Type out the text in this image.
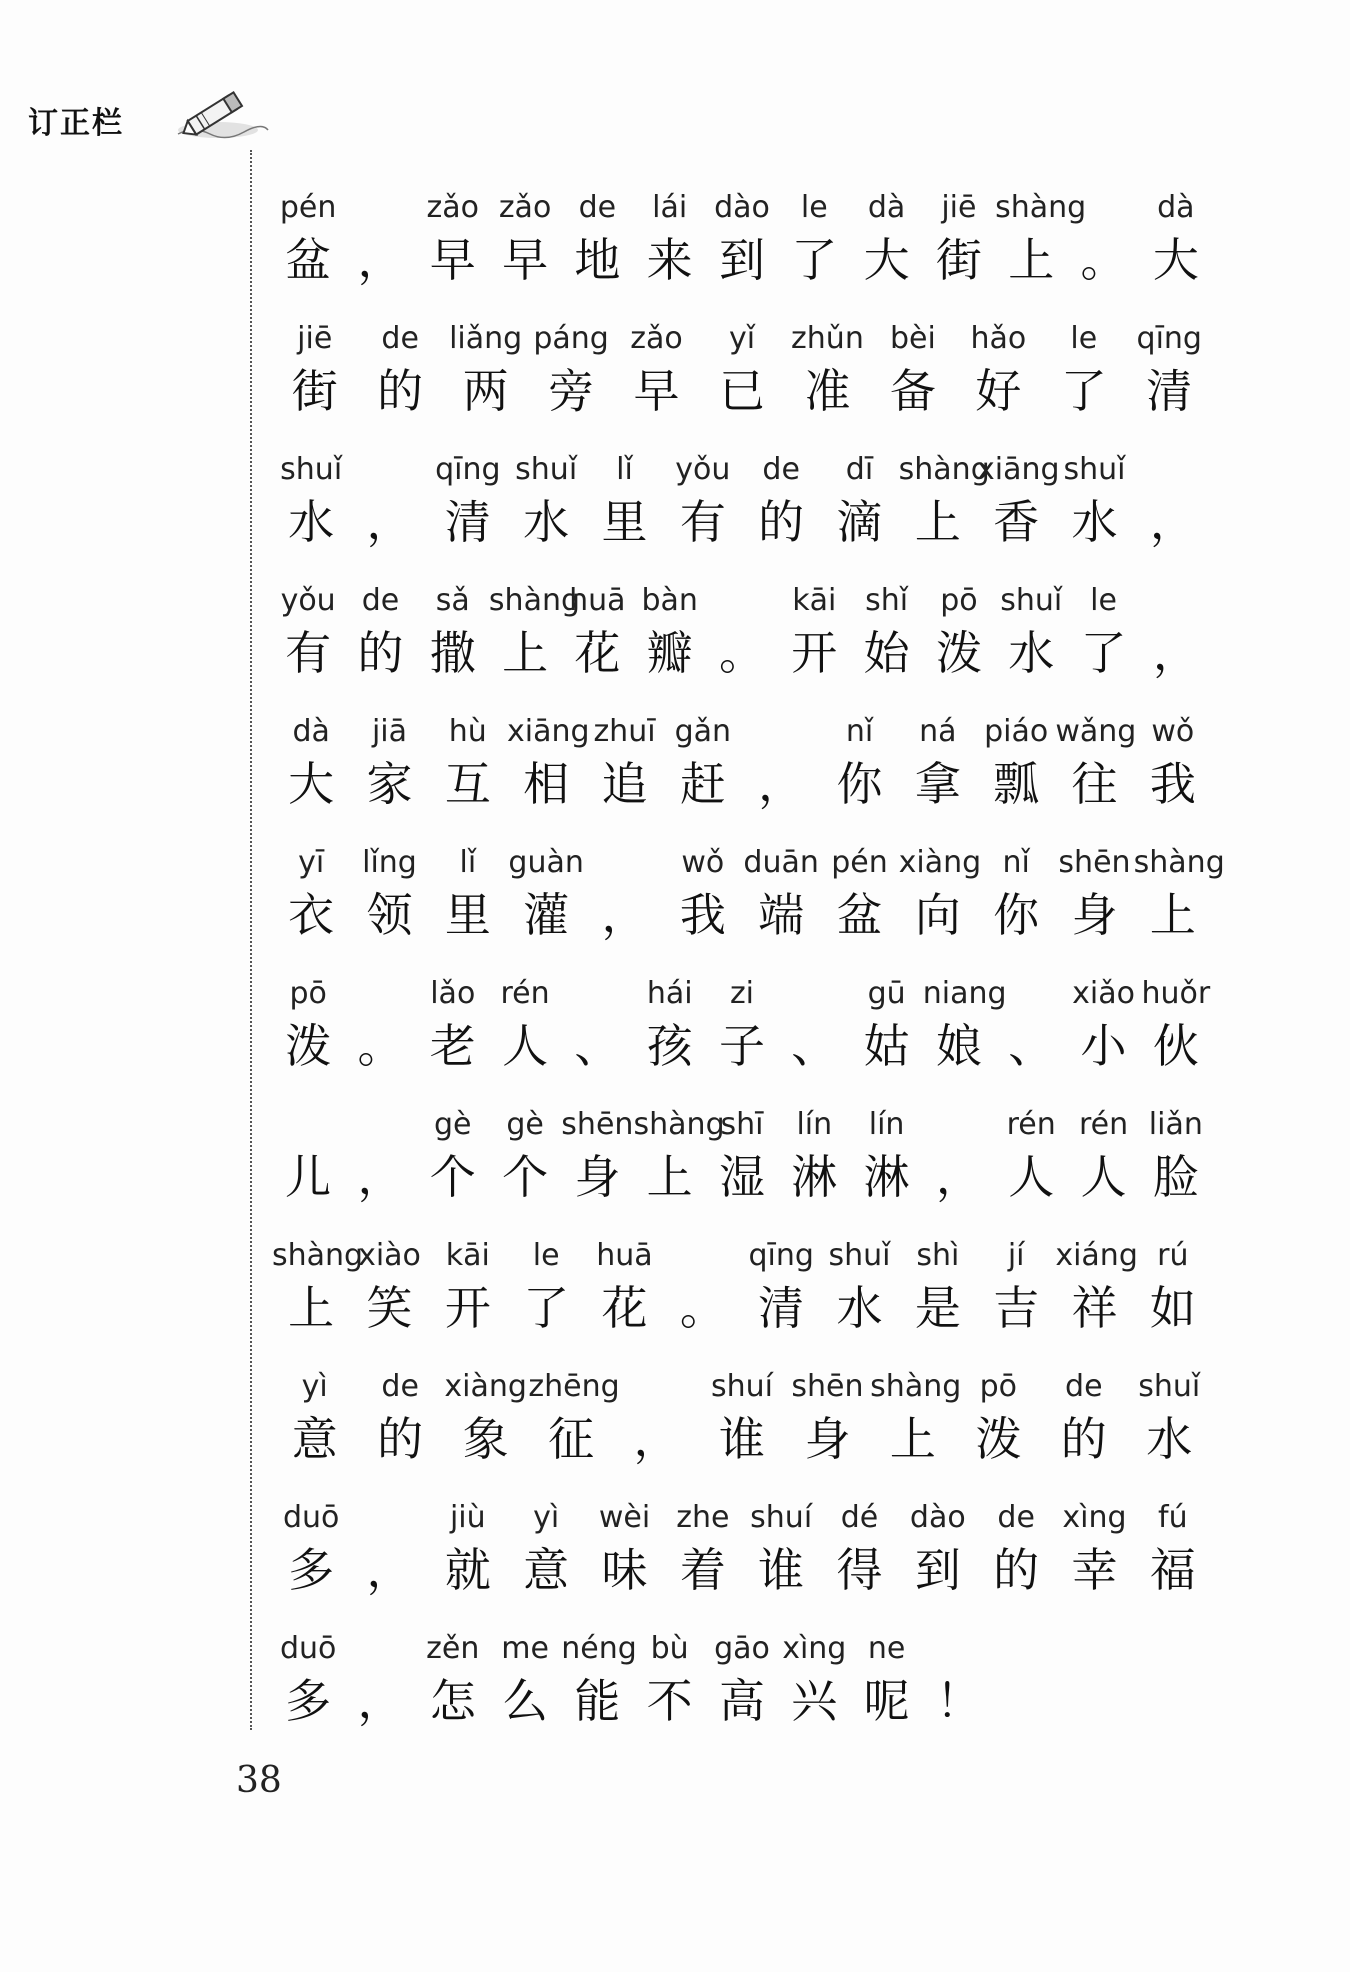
订正栏
pén
盆 ，
zǎo
早
zǎo
早
de
地
lái
来
dào
到
le
了
dà
大
jiē
街
shàng
上 。
dà
大
jiē
街
de
的
liǎng
两
páng
旁
zǎo
早
yǐ
已
zhǔn
准
bèi
备
hǎo
好
le
了
qīng
清
shuǐ
水 ，
qīng
清
shuǐ
水
lǐ
里
yǒu
有
de
的
dī
滴
shàng
上
xiāng
香
shuǐ
水 ，
yǒu
有
de
的
sǎ
撒
shàng
上
huā
花
bàn
瓣 。
kāi
开
shǐ
始
pō
泼
shuǐ
水
le
了 ，
dà
大
jiā
家
hù
互
xiāng
相
zhuī
追
gǎn
赶 ，
nǐ
你
ná
拿
piáo
瓢
wǎng
往
wǒ
我
yī
衣
lǐng
领
lǐ
里
guàn
灌 ，
wǒ
我
duān
端
pén
盆
xiàng
向
nǐ
你
shēn
身
shàng
上
pō
泼 。
lǎo
老
rén
人 、
hái
孩
zi
子 、
gū
姑
niang
娘 、
xiǎo
小
huǒr
伙
儿 ，
gè
个
gè
个
shēn
身
shàng
上
shī
湿
lín
淋
lín
淋 ，
rén
人
rén
人
liǎn
脸
shàng
上
xiào
笑
kāi
开
le
了
huā
花 。
qīng
清
shuǐ
水
shì
是
jí
吉
xiáng
祥
rú
如
yì
意
de
的
xiàng
象
zhēng
征 ，
shuí
谁
shēn
身
shàng
上
pō
泼
de
的
shuǐ
水
duō
多 ，
jiù
就
yì
意
wèi
味
zhe
着
shuí
谁
dé
得
dào
到
de
的
xìng
幸
fú
福
duō
多 ，
zěn
怎
me
么
néng
能
bù
不
gāo
高
xìng
兴
ne
呢 ！
38
